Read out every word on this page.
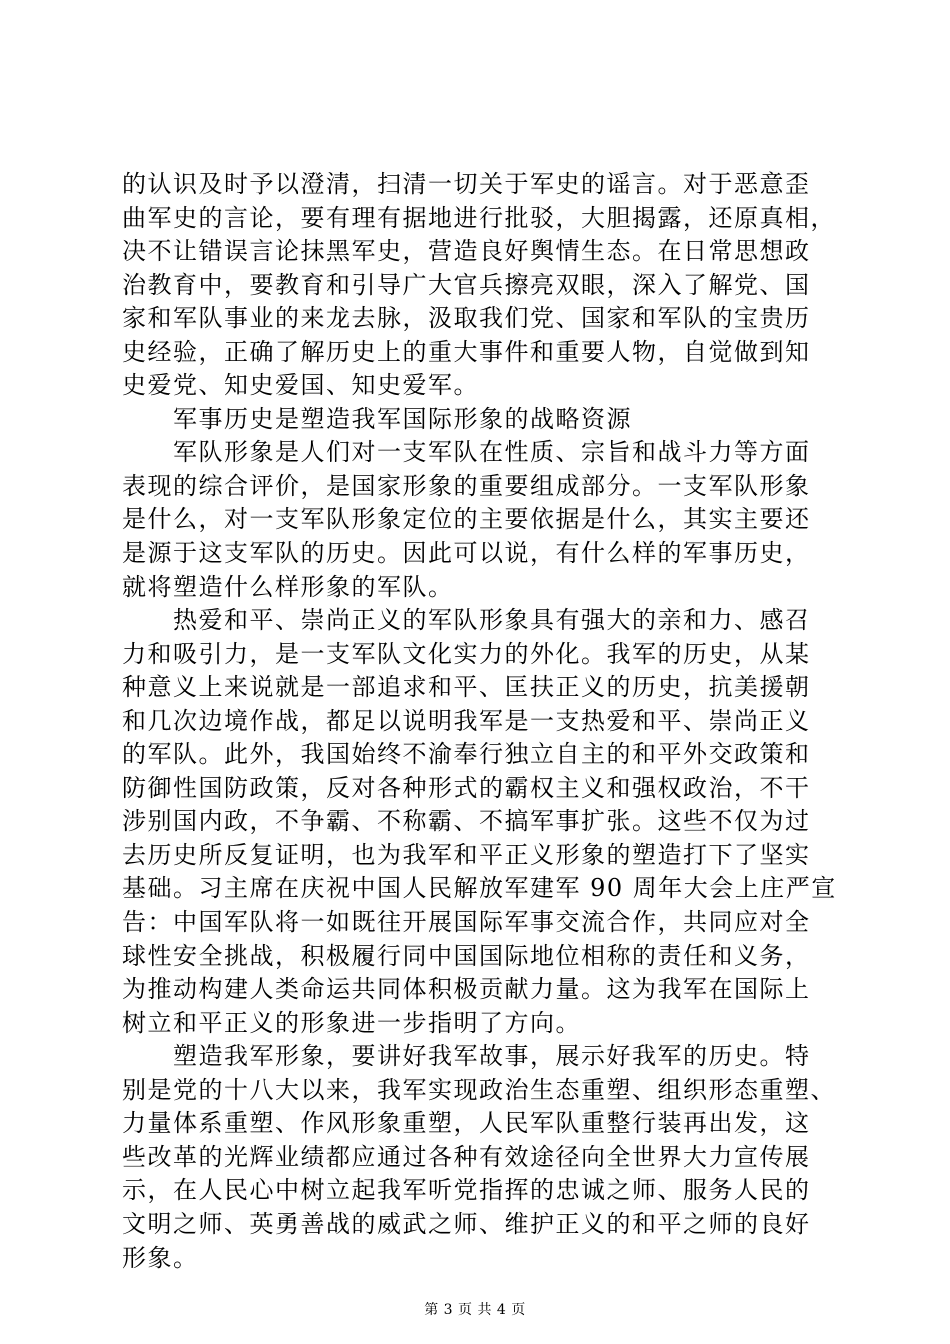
的认识及时予以澄清，扫清一切关于军史的谣言。对于恶意歪
曲军史的言论，要有理有据地进行批驳，大胆揭露，还原真相，
决不让错误言论抹黑军史，营造良好舆情生态。在日常思想政
治教育中，要教育和引导广大官兵擦亮双眼，深入了解党、国
家和军队事业的来龙去脉，汲取我们党、国家和军队的宝贵历
史经验，正确了解历史上的重大事件和重要人物，自觉做到知
史爱党、知史爱国、知史爱军。
　　军事历史是塑造我军国际形象的战略资源
　　军队形象是人们对一支军队在性质、宗旨和战斗力等方面
表现的综合评价，是国家形象的重要组成部分。一支军队形象
是什么，对一支军队形象定位的主要依据是什么，其实主要还
是源于这支军队的历史。因此可以说，有什么样的军事历史，
就将塑造什么样形象的军队。
　　热爱和平、崇尚正义的军队形象具有强大的亲和力、感召
力和吸引力，是一支军队文化实力的外化。我军的历史，从某
种意义上来说就是一部追求和平、匡扶正义的历史，抗美援朝
和几次边境作战，都足以说明我军是一支热爱和平、崇尚正义
的军队。此外，我国始终不渝奉行独立自主的和平外交政策和
防御性国防政策，反对各种形式的霸权主义和强权政治，不干
涉别国内政，不争霸、不称霸、不搞军事扩张。这些不仅为过
去历史所反复证明，也为我军和平正义形象的塑造打下了坚实
基础。习主席在庆祝中国人民解放军建军 90 周年大会上庄严宣
告：中国军队将一如既往开展国际军事交流合作，共同应对全
球性安全挑战，积极履行同中国国际地位相称的责任和义务，
为推动构建人类命运共同体积极贡献力量。这为我军在国际上
树立和平正义的形象进一步指明了方向。
　　塑造我军形象，要讲好我军故事，展示好我军的历史。特
别是党的十八大以来，我军实现政治生态重塑、组织形态重塑、
力量体系重塑、作风形象重塑，人民军队重整行装再出发，这
些改革的光辉业绩都应通过各种有效途径向全世界大力宣传展
示，在人民心中树立起我军听党指挥的忠诚之师、服务人民的
文明之师、英勇善战的威武之师、维护正义的和平之师的良好
形象。
第 3 页 共 4 页
